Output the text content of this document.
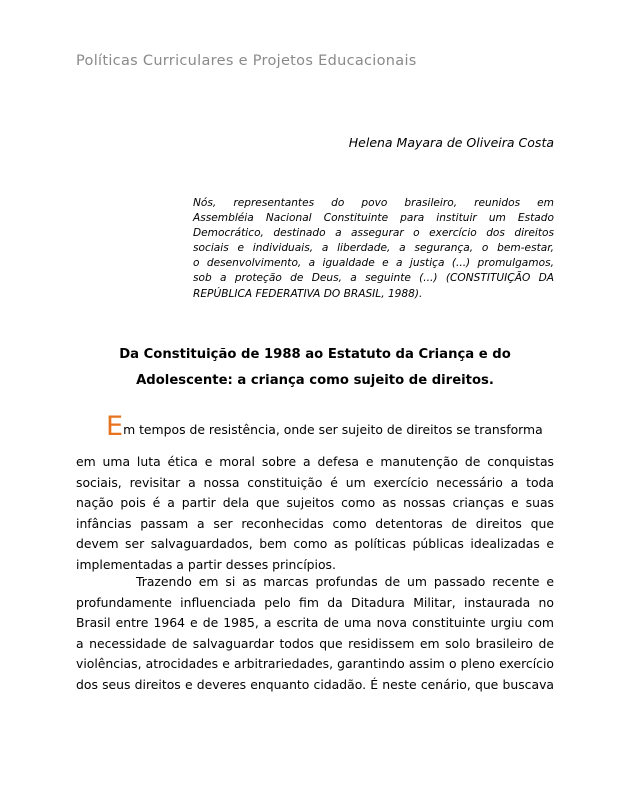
Políticas Curriculares e Projetos Educacionais
Helena Mayara de Oliveira Costa
Nós, representantes do povo brasileiro, reunidos em
Assembléia Nacional Constituinte para instituir um Estado
Democrático, destinado a assegurar o exercício dos direitos
sociais e individuais, a liberdade, a segurança, o bem-estar,
o desenvolvimento, a igualdade e a justiça (...) promulgamos,
sob a proteção de Deus, a seguinte (...) (CONSTITUIÇÃO DA
REPÚBLICA FEDERATIVA DO BRASIL, 1988).
Da Constituição de 1988 ao Estatuto da Criança e do
Adolescente: a criança como sujeito de direitos.
E m tempos de resistência, onde ser sujeito de direitos se transforma
em uma luta ética e moral sobre a defesa e manutenção de conquistas
sociais, revisitar a nossa constituição é um exercício necessário a toda
nação pois é a partir dela que sujeitos como as nossas crianças e suas
infâncias passam a ser reconhecidas como detentoras de direitos que
devem ser salvaguardados, bem como as políticas públicas idealizadas e
implementadas a partir desses princípios.
Trazendo em si as marcas profundas de um passado recente e
profundamente influenciada pelo fim da Ditadura Militar, instaurada no
Brasil entre 1964 e de 1985, a escrita de uma nova constituinte urgiu com
a necessidade de salvaguardar todos que residissem em solo brasileiro de
violências, atrocidades e arbitrariedades, garantindo assim o pleno exercício
dos seus direitos e deveres enquanto cidadão. É neste cenário, que buscava
